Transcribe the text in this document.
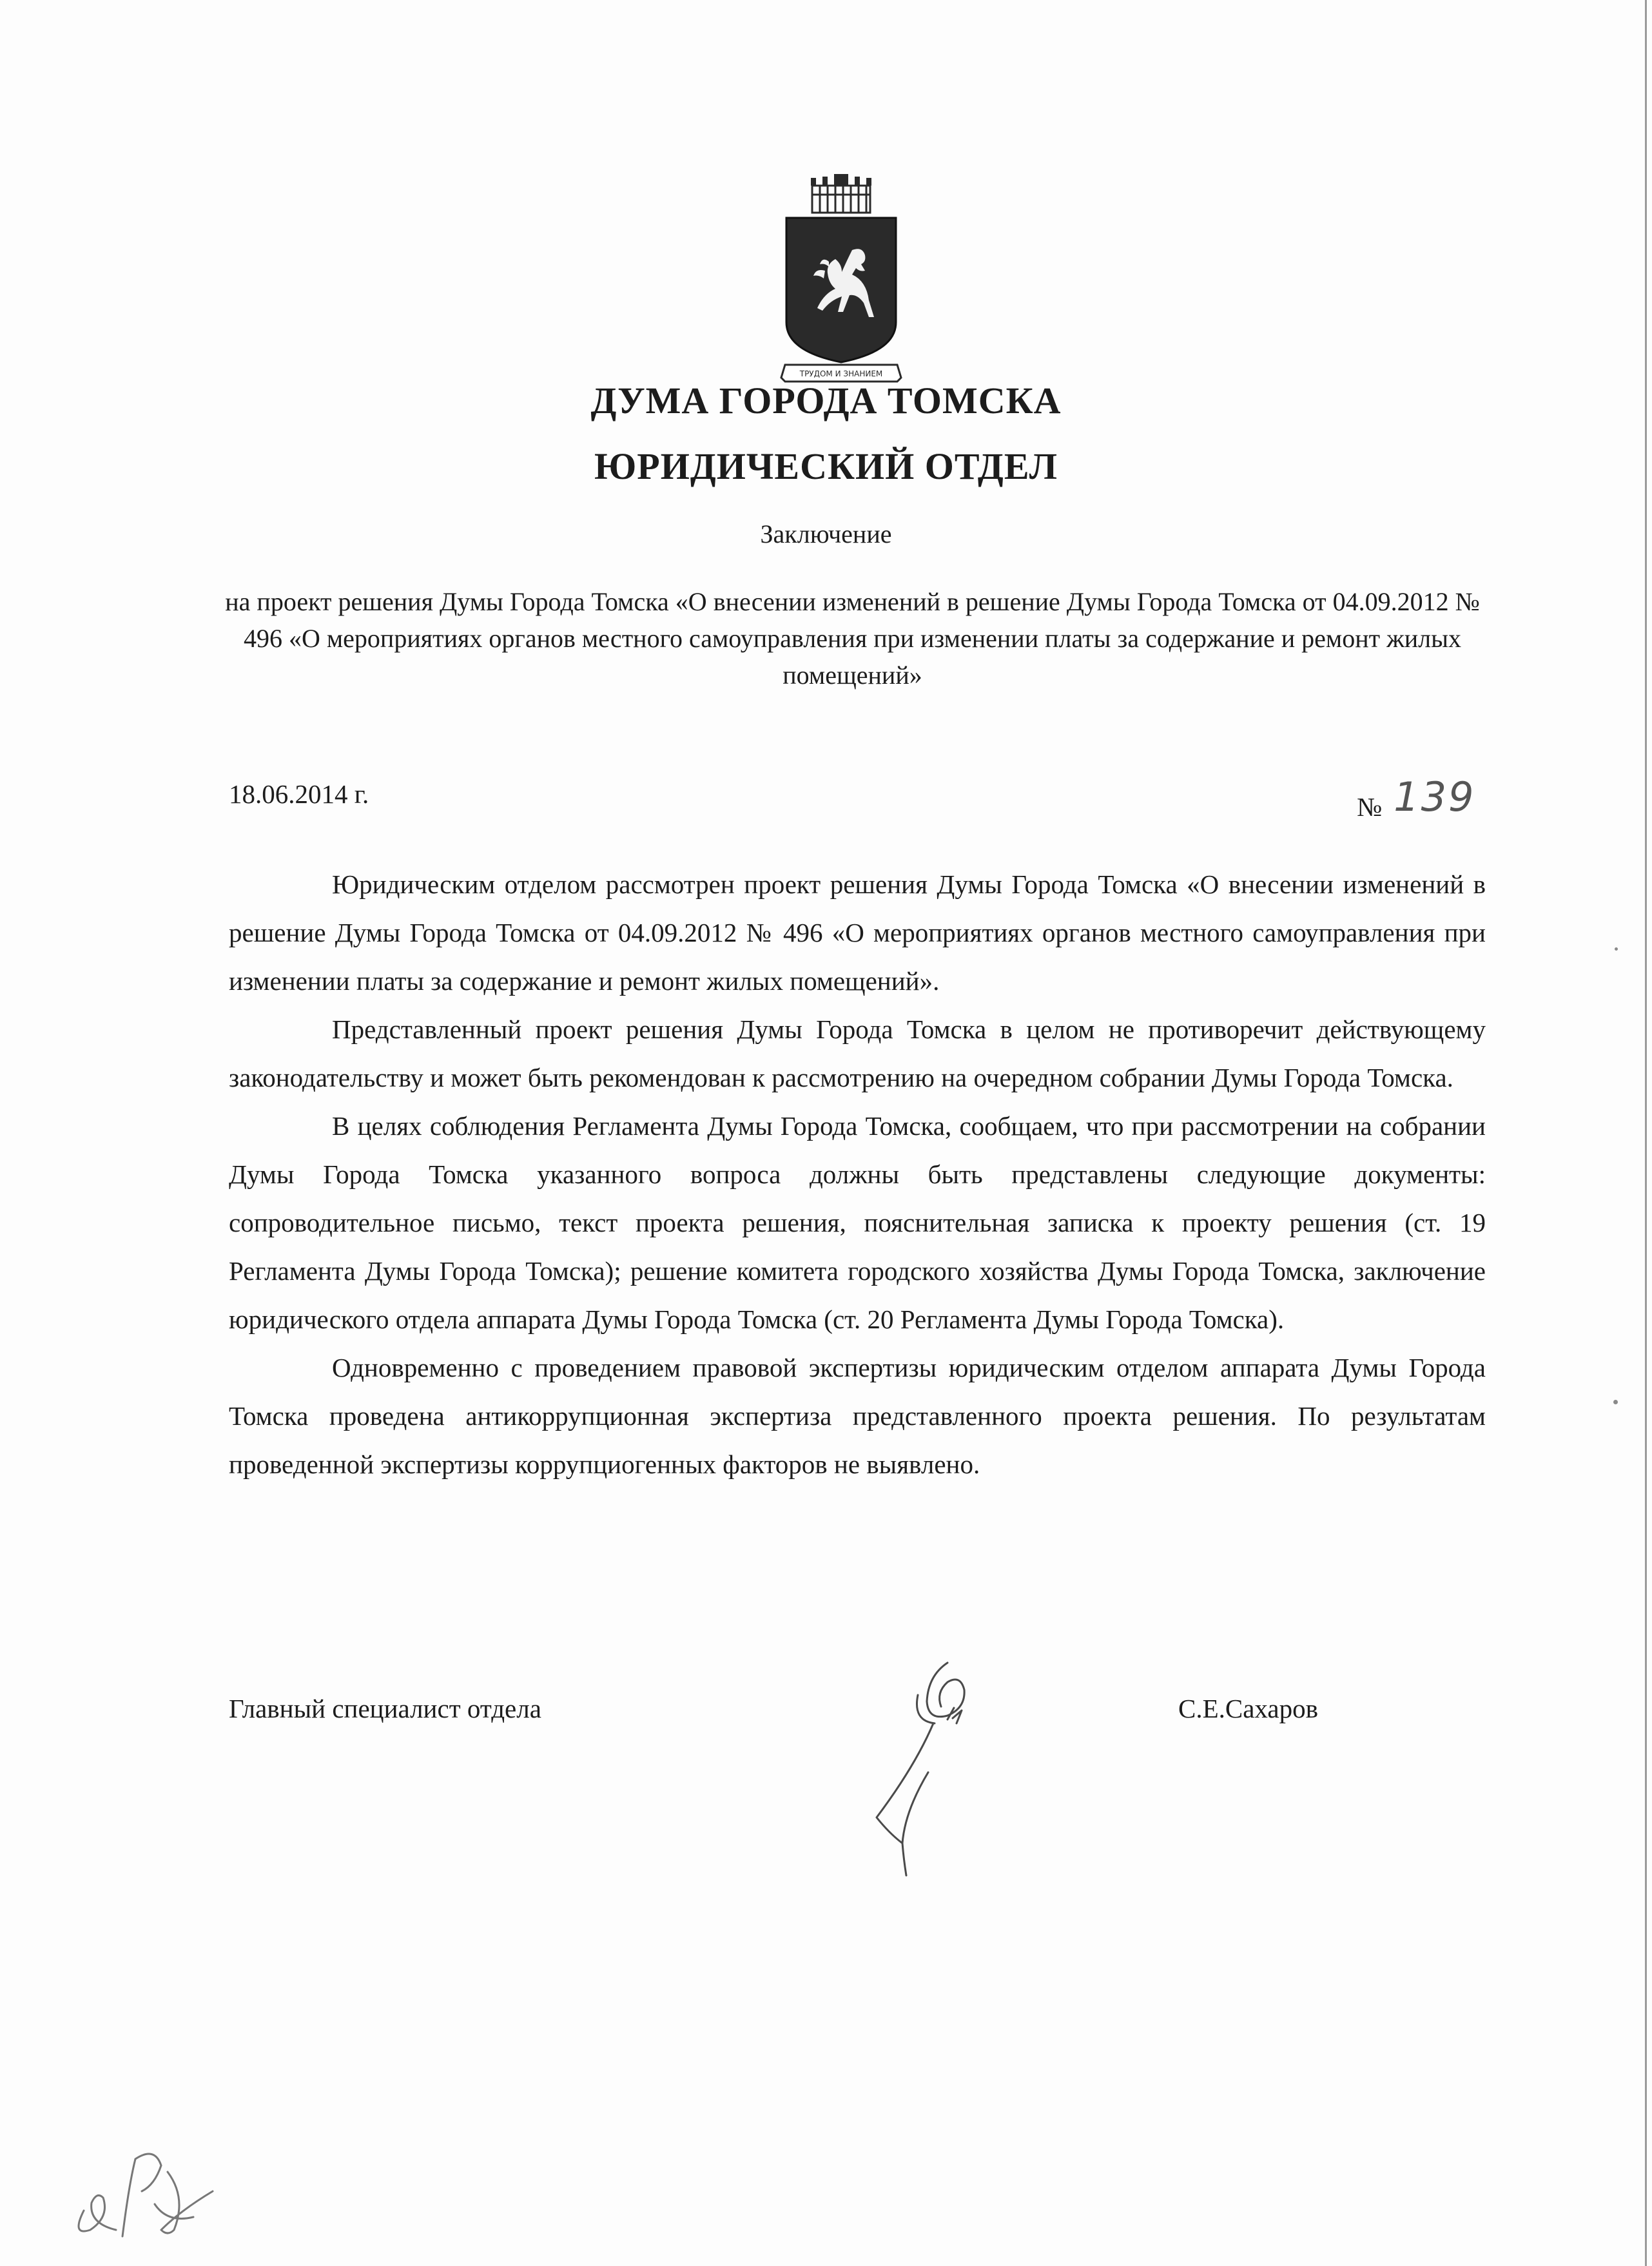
ТРУДОМ И ЗНАНИЕМ
ДУМА ГОРОДА ТОМСКА
ЮРИДИЧЕСКИЙ ОТДЕЛ
Заключение
на проект решения Думы Города Томска «О внесении изменений в решение Думы Города Томска от 04.09.2012 № 496 «О мероприятиях органов местного самоуправления при изменении платы за содержание и ремонт жилых помещений»
18.06.2014 г.	№ 139

Юридическим отделом рассмотрен проект решения Думы Города Томска «О внесении изменений в решение Думы Города Томска от 04.09.2012 № 496 «О мероприятиях органов местного самоуправления при изменении платы за содержание и ремонт жилых помещений».

Представленный проект решения Думы Города Томска в целом не противоречит действующему законодательству и может быть рекомендован к рассмотрению на очередном собрании Думы Города Томска.

В целях соблюдения Регламента Думы Города Томска, сообщаем, что при рассмотрении на собрании Думы Города Томска указанного вопроса должны быть представлены следующие документы: сопроводительное письмо, текст проекта решения, пояснительная записка к проекту решения (ст. 19 Регламента Думы Города Томска); решение комитета городского хозяйства Думы Города Томска, заключение юридического отдела аппарата Думы Города Томска (ст. 20 Регламента Думы Города Томска).

Одновременно с проведением правовой экспертизы юридическим отделом аппарата Думы Города Томска проведена антикоррупционная экспертиза представленного проекта решения. По результатам проведенной экспертизы коррупциогенных факторов не выявлено.

Главный специалист отдела	С.Е.Сахаров
